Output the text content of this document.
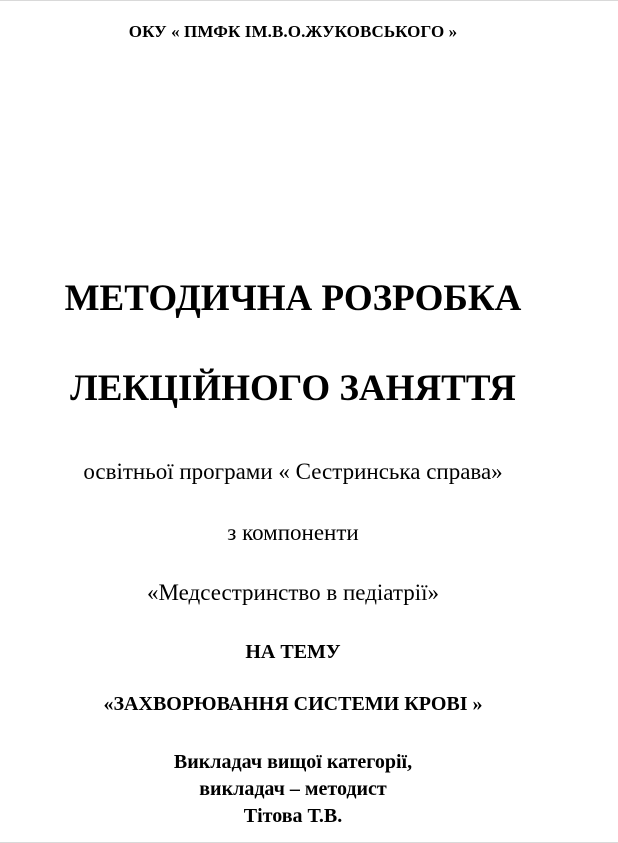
ОКУ « ПМФК ІМ.В.О.ЖУКОВСЬКОГО »
МЕТОДИЧНА РОЗРОБКА
ЛЕКЦІЙНОГО ЗАНЯТТЯ
освітньої програми « Сестринська справа»
з компоненти
«Медсестринство в педіатрії»
НА ТЕМУ
«ЗАХВОРЮВАННЯ СИСТЕМИ КРОВІ »
Викладач вищої категорії,
викладач – методист
Тітова Т.В.
